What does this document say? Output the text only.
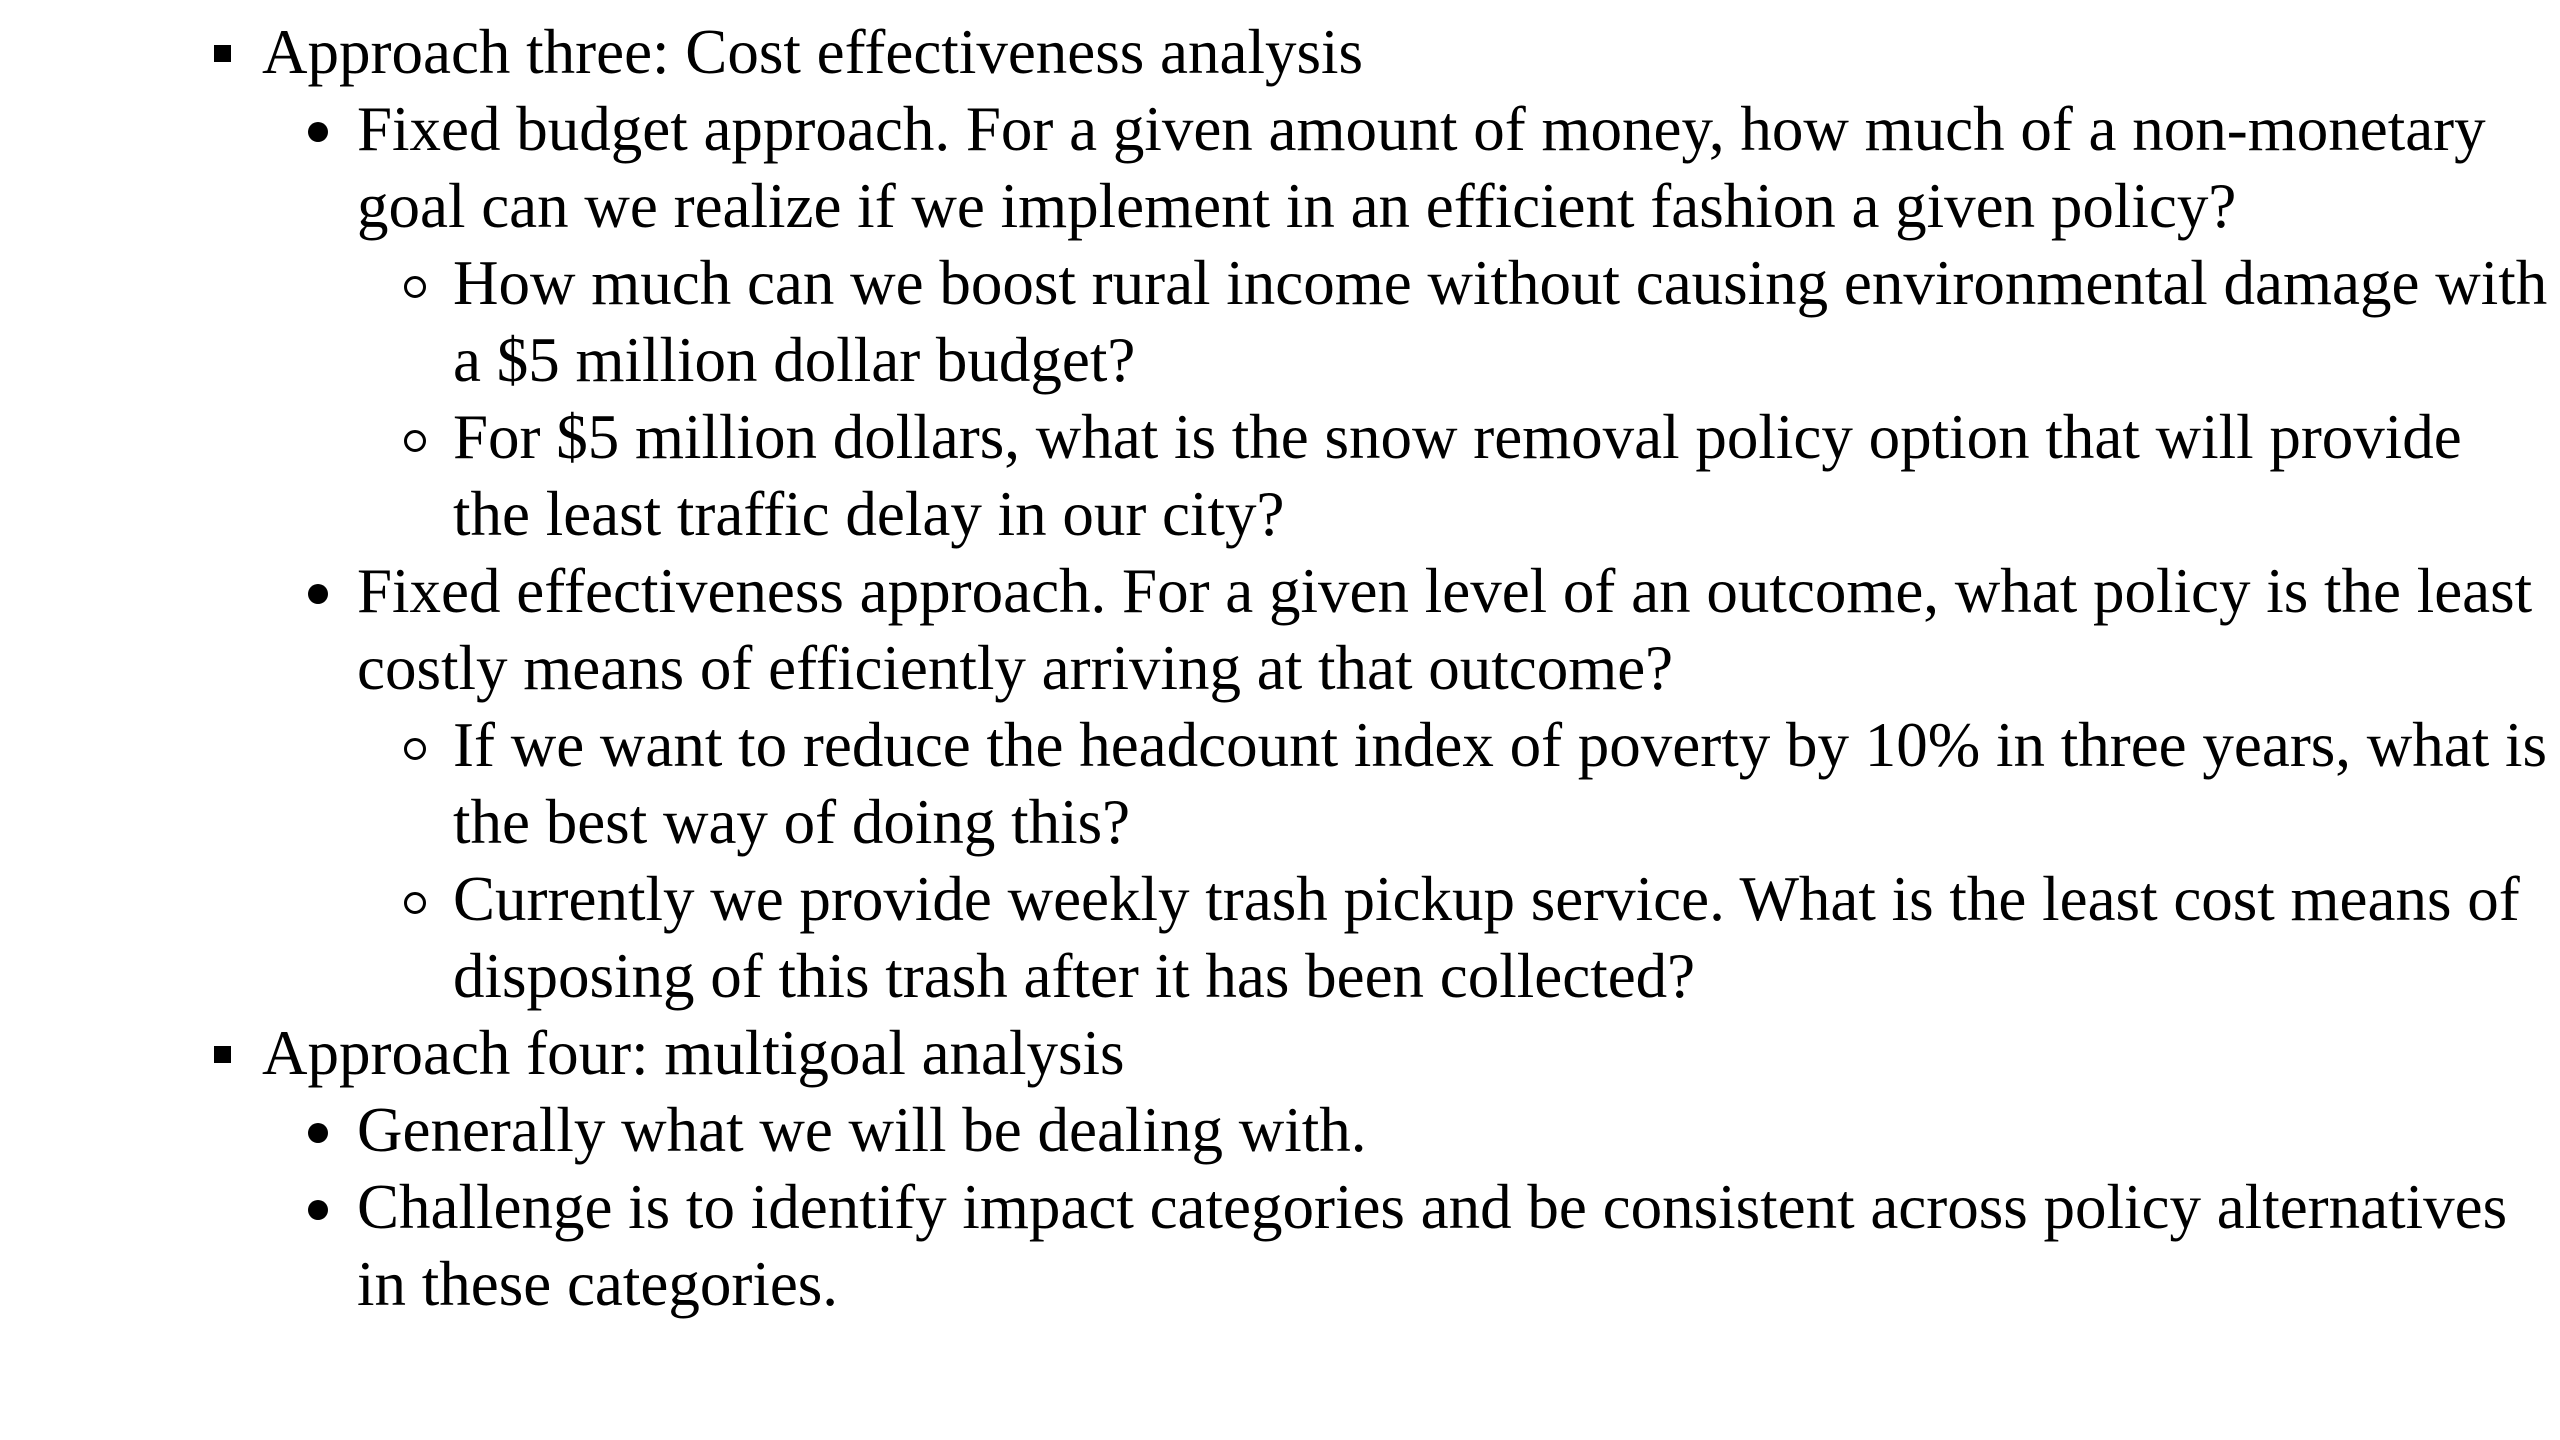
Approach three: Cost effectiveness analysis
Fixed budget approach. For a given amount of money, how much of a non-monetary goal can we realize if we implement in an efficient fashion a given policy?
How much can we boost rural income without causing environmental damage with a $5 million dollar budget?
For $5 million dollars, what is the snow removal policy option that will provide the least traffic delay in our city?
Fixed effectiveness approach. For a given level of an outcome, what policy is the least costly means of efficiently arriving at that outcome?
If we want to reduce the headcount index of poverty by 10% in three years, what is the best way of doing this?
Currently we provide weekly trash pickup service. What is the least cost means of disposing of this trash after it has been collected?
Approach four: multigoal analysis
Generally what we will be dealing with.
Challenge is to identify impact categories and be consistent across policy alternatives in these categories.
